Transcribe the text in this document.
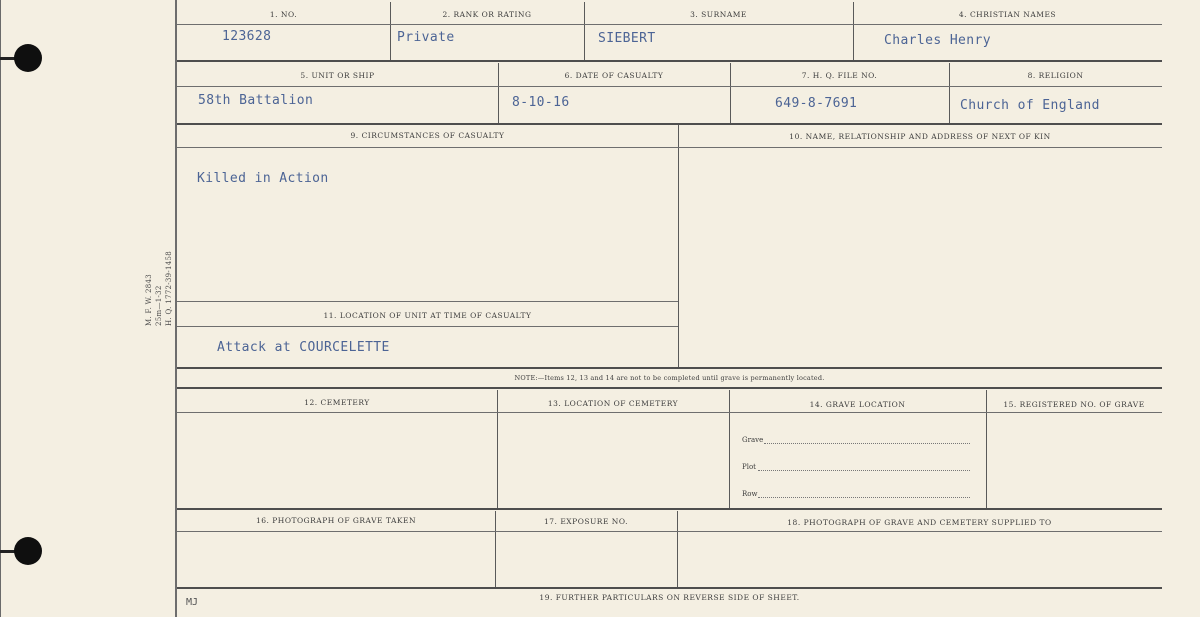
M. F. W. 2843 25m—1-32 H. Q. 1772-39-1458
1. NO.	2. RANK OR RATING	3. SURNAME	4. CHRISTIAN NAMES
123628	Private	SIEBERT	Charles Henry
5. UNIT OR SHIP	6. DATE OF CASUALTY	7. H. Q. FILE NO.	8. RELIGION
58th Battalion	8-10-16	649-8-7691	Church of England
9. CIRCUMSTANCES OF CASUALTY	10. NAME, RELATIONSHIP AND ADDRESS OF NEXT OF KIN
Killed in Action
11. LOCATION OF UNIT AT TIME OF CASUALTY
Attack at COURCELETTE
NOTE:—Items 12, 13 and 14 are not to be completed until grave is permanently located.
12. CEMETERY	13. LOCATION OF CEMETERY	14. GRAVE LOCATION	15. REGISTERED NO. OF GRAVE
Grave
Plot
Row
16. PHOTOGRAPH OF GRAVE TAKEN	17. EXPOSURE NO.	18. PHOTOGRAPH OF GRAVE AND CEMETERY SUPPLIED TO
MJ	19. FURTHER PARTICULARS ON REVERSE SIDE OF SHEET.
